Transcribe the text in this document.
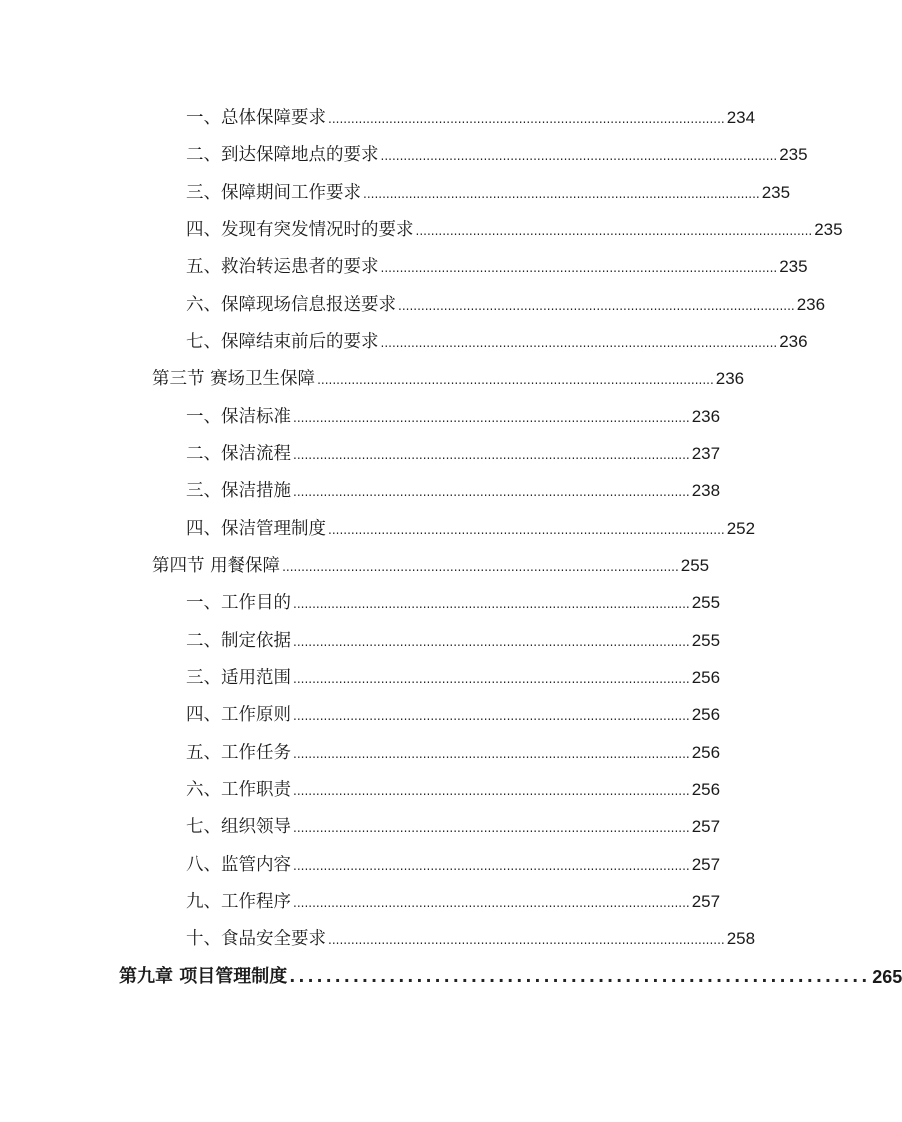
一、总体保障要求 ........................................................................................................ 234
二、到达保障地点的要求 ........................................................................................................ 235
三、保障期间工作要求 ........................................................................................................ 235
四、发现有突发情况时的要求 ........................................................................................................ 235
五、救治转运患者的要求 ........................................................................................................ 235
六、保障现场信息报送要求 ........................................................................................................ 236
七、保障结束前后的要求 ........................................................................................................ 236
第三节 赛场卫生保障 ........................................................................................................ 236
一、保洁标准 ........................................................................................................ 236
二、保洁流程 ........................................................................................................ 237
三、保洁措施 ........................................................................................................ 238
四、保洁管理制度 ........................................................................................................ 252
第四节 用餐保障 ........................................................................................................ 255
一、工作目的 ........................................................................................................ 255
二、制定依据 ........................................................................................................ 255
三、适用范围 ........................................................................................................ 256
四、工作原则 ........................................................................................................ 256
五、工作任务 ........................................................................................................ 256
六、工作职责 ........................................................................................................ 256
七、组织领导 ........................................................................................................ 257
八、监管内容 ........................................................................................................ 257
九、工作程序 ........................................................................................................ 257
十、食品安全要求 ........................................................................................................ 258
第九章 项目管理制度 ................................................................ 265
